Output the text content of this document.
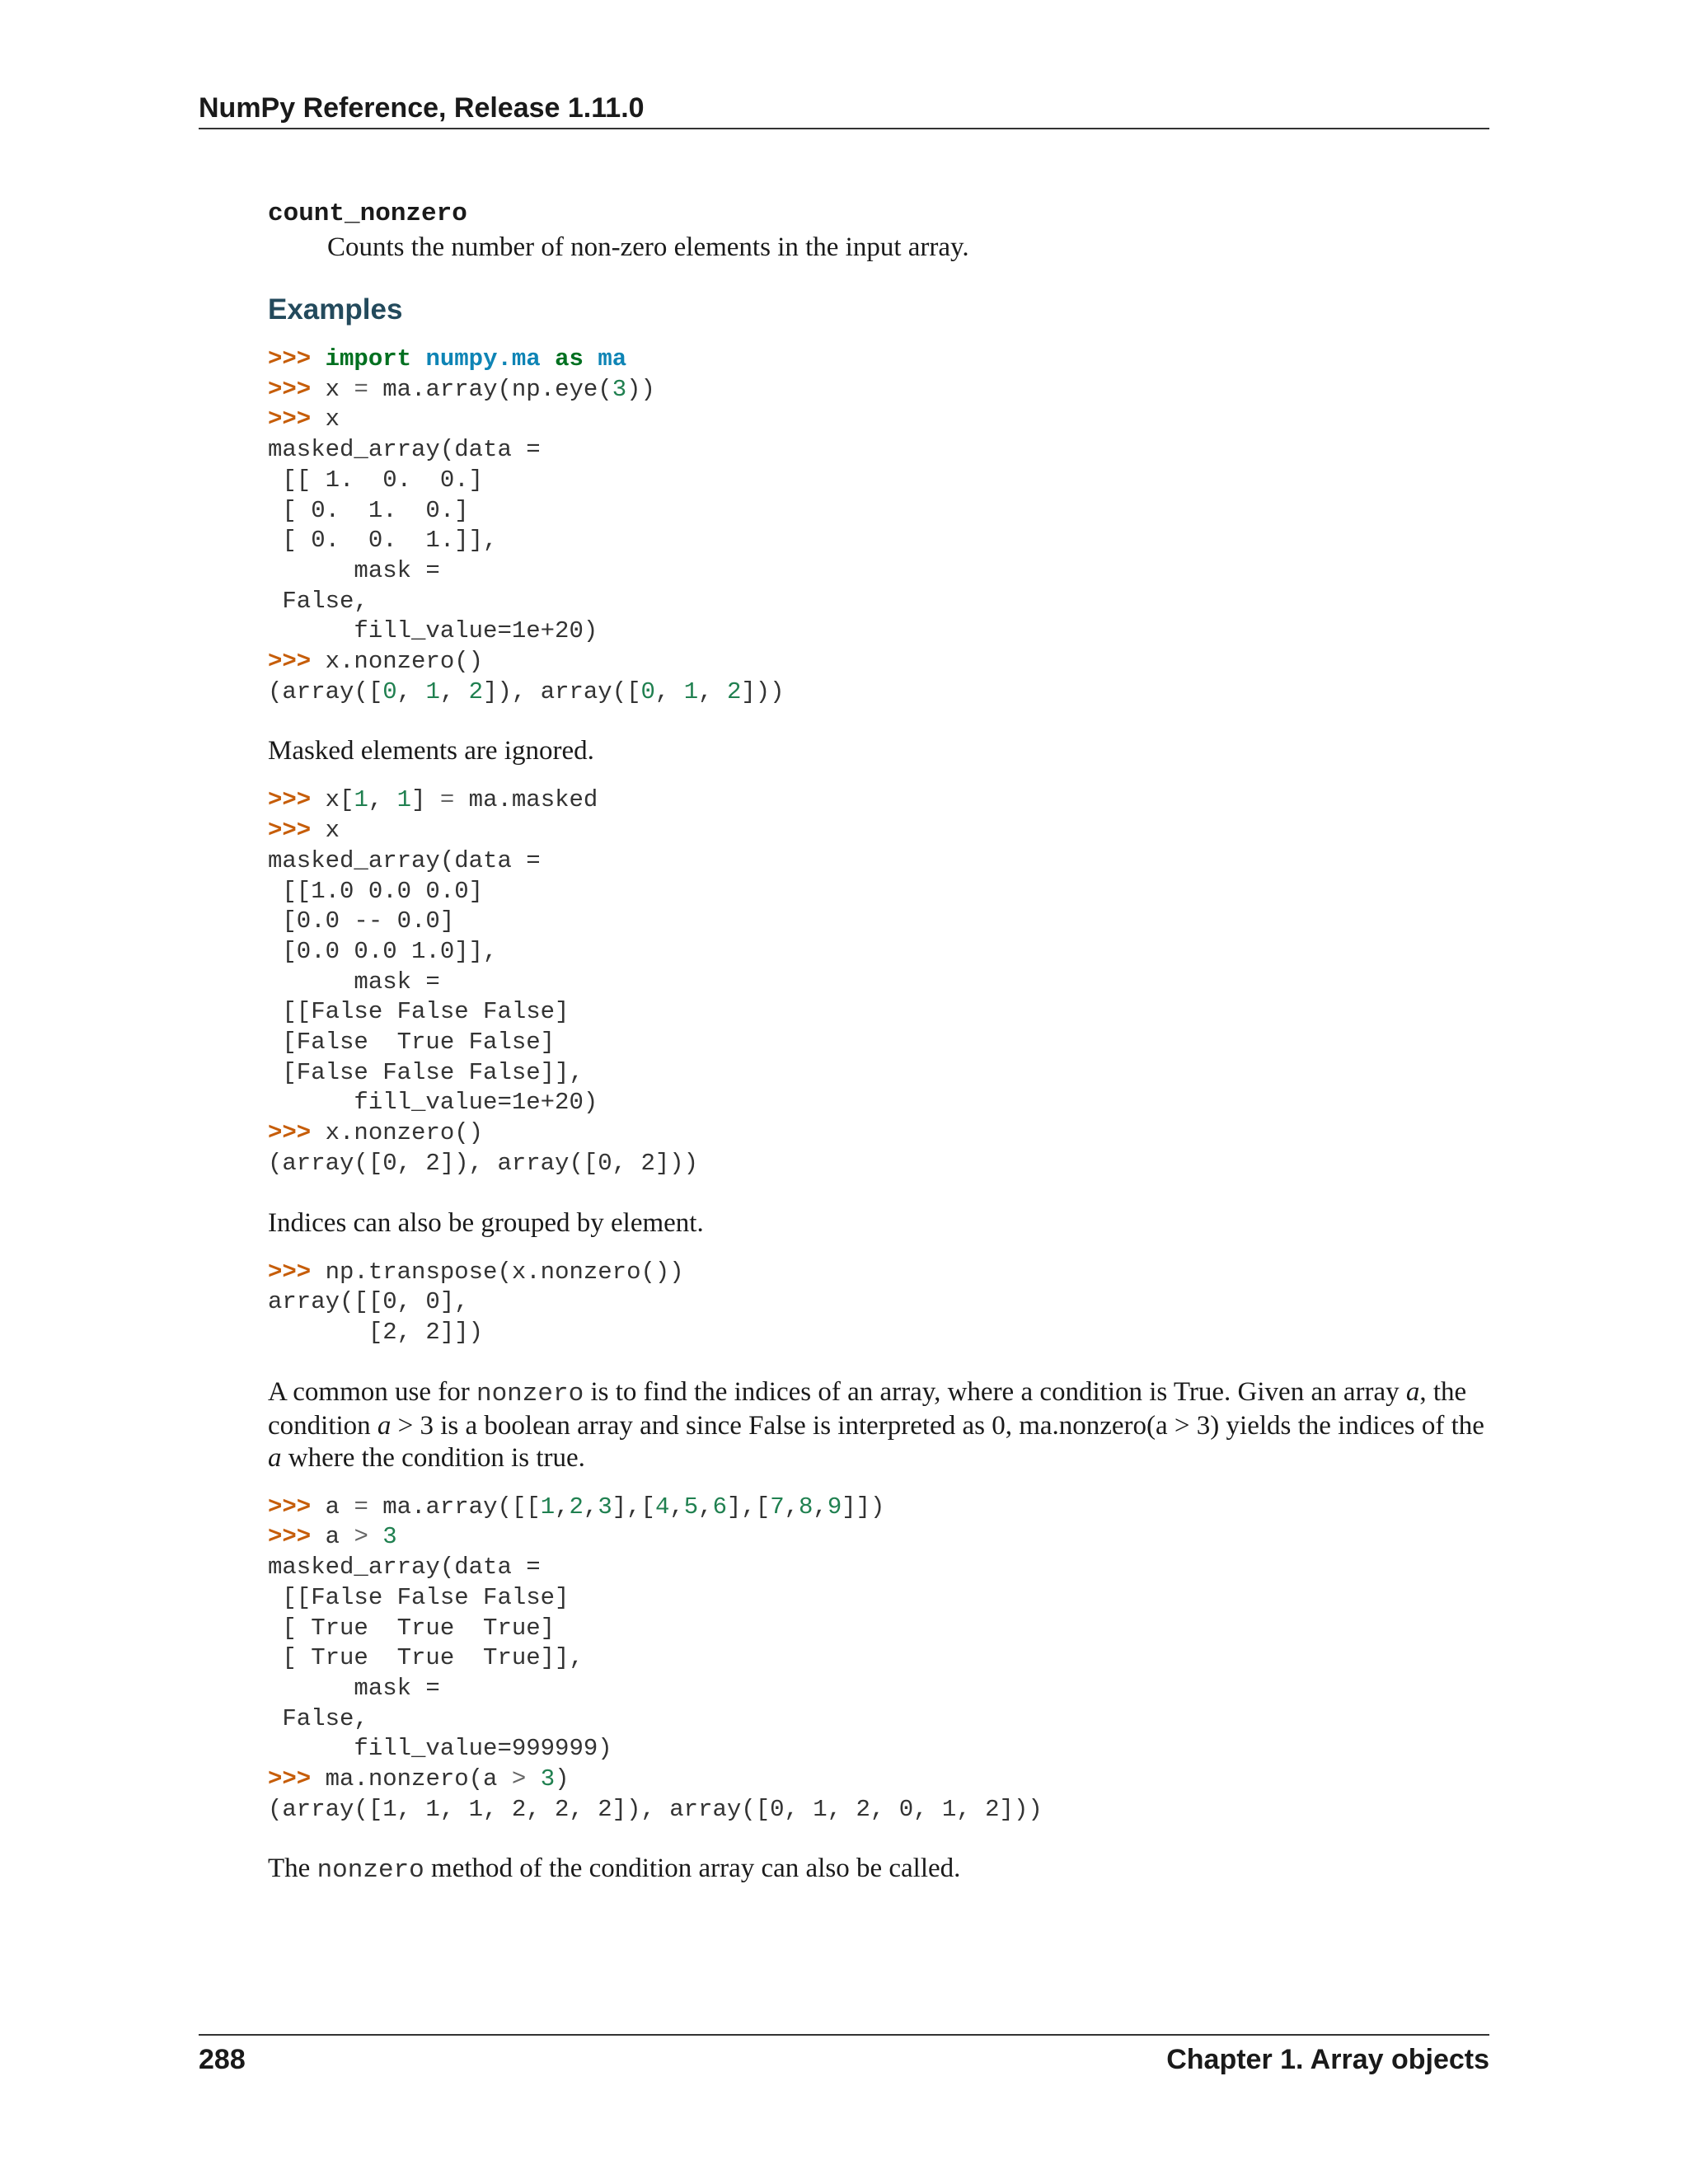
NumPy Reference, Release 1.11.0
count_nonzero
Counts the number of non-zero elements in the input array.
Examples
>>> import numpy.ma as ma
>>> x = ma.array(np.eye(3))
>>> x
masked_array(data =
[[ 1.  0.  0.]
[ 0.  1.  0.]
[ 0.  0.  1.]],
mask =
False,
fill_value=1e+20)
>>> x.nonzero()
(array([0, 1, 2]), array([0, 1, 2]))

Masked elements are ignored.

>>> x[1, 1] = ma.masked
>>> x
masked_array(data =
[[1.0 0.0 0.0]
[0.0 -- 0.0]
[0.0 0.0 1.0]],
mask =
[[False False False]
[False  True False]
[False False False]],
fill_value=1e+20)
>>> x.nonzero()
(array([0, 2]), array([0, 2]))

Indices can also be grouped by element.

>>> np.transpose(x.nonzero())
array([[0, 0],
[2, 2]])

A common use for nonzero is to find the indices of an array, where a condition is True. Given an array a, the condition a > 3 is a boolean array and since False is interpreted as 0, ma.nonzero(a > 3) yields the indices of the a where the condition is true.

>>> a = ma.array([[1,2,3],[4,5,6],[7,8,9]])
>>> a > 3
masked_array(data =
[[False False False]
[ True  True  True]
[ True  True  True]],
mask =
False,
fill_value=999999)
>>> ma.nonzero(a > 3)
(array([1, 1, 1, 2, 2, 2]), array([0, 1, 2, 0, 1, 2]))

The nonzero method of the condition array can also be called.

288	Chapter 1. Array objects
